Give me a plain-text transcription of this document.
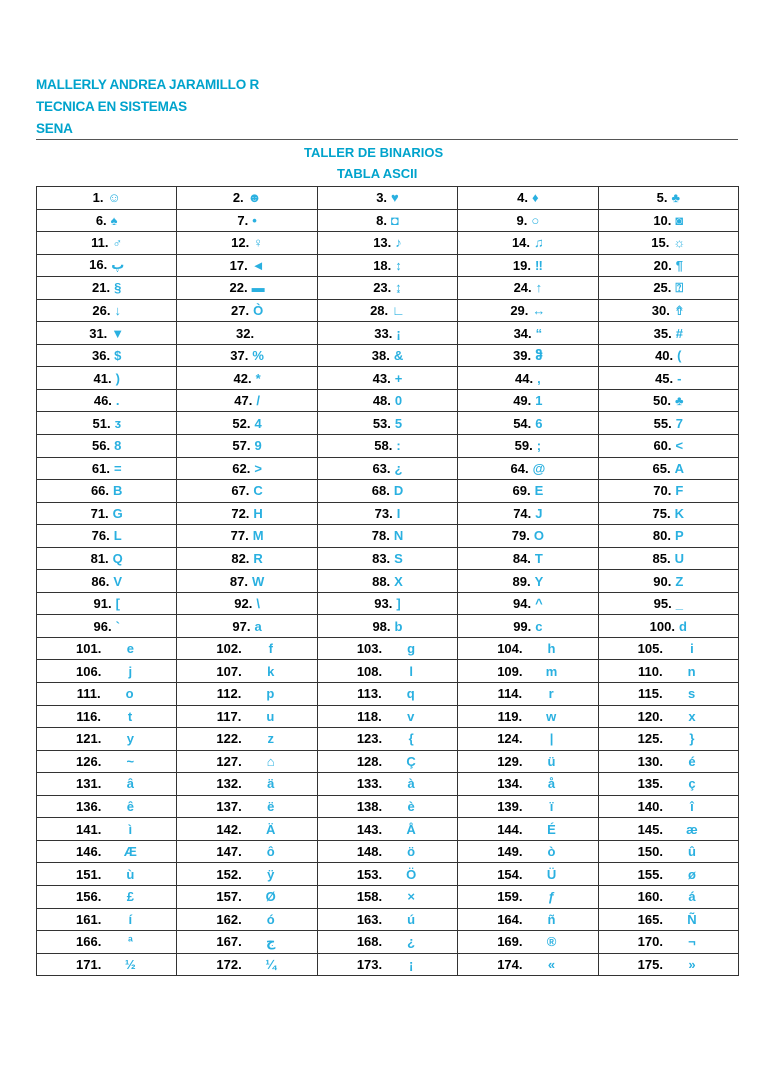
MALLERLY ANDREA JARAMILLO R
TECNICA EN SISTEMAS
SENA
TALLER DE BINARIOS
TABLA ASCII
1. ☺	2. ☻	3. ♥	4. ♦	5. ♣
6. ♠	7. •	8. ◘	9. ○	10. ◙
11. ♂	12. ♀	13. ♪	14. ♫	15. ☼
16. پ	17. ◄	18. ↕	19. ‼	20. ¶
21. §	22. ▬	23. ↨	24. ↑	25. ⍰
26. ↓	27. Ò	28. ∟	29. ↔	30. ⇮
31. ▼	32.	33. ¡	34. “	35. #
36. $	37. %	38. &	39. ჵ	40. (
41. )	42. *	43. +	44. ,	45. -
46. .	47. /	48. 0	49. 1	50. ♣
51. ᴣ	52. 4	53. 5	54. 6	55. 7
56. 8	57. 9	58. :	59. ;	60. <
61. =	62. >	63. ¿	64. @	65. A
66. B	67. C	68. D	69. E	70. F
71. G	72. H	73. I	74. J	75. K
76. L	77. M	78. N	79. O	80. P
81. Q	82. R	83. S	84. T	85. U
86. V	87. W	88. X	89. Y	90. Z
91. [	92. \	93. ]	94. ^	95. _
96. `	97. a	98. b	99. c	100. d
101. e	102. f	103. g	104. h	105. i
106. j	107. k	108. l	109. m	110. n
111. o	112. p	113. q	114. r	115. s
116. t	117. u	118. v	119. w	120. x
121. y	122. z	123. {	124. |	125. }
126. ~	127. ⌂	128. Ç	129. ü	130. é
131. â	132. ä	133. à	134. å	135. ç
136. ê	137. ë	138. è	139. ï	140. î
141. ì	142. Ä	143. Å	144. É	145. æ
146. Æ	147. ô	148. ö	149. ò	150. û
151. ù	152. ÿ	153. Ö	154. Ü	155. ø
156. £	157. Ø	158. ×	159. ƒ	160. á
161. í	162. ó	163. ú	164. ñ	165. Ñ
166. ª	167. ج	168. ¿	169. ®	170. ¬
171. ½	172. ¼	173. ¡	174. «	175. »
